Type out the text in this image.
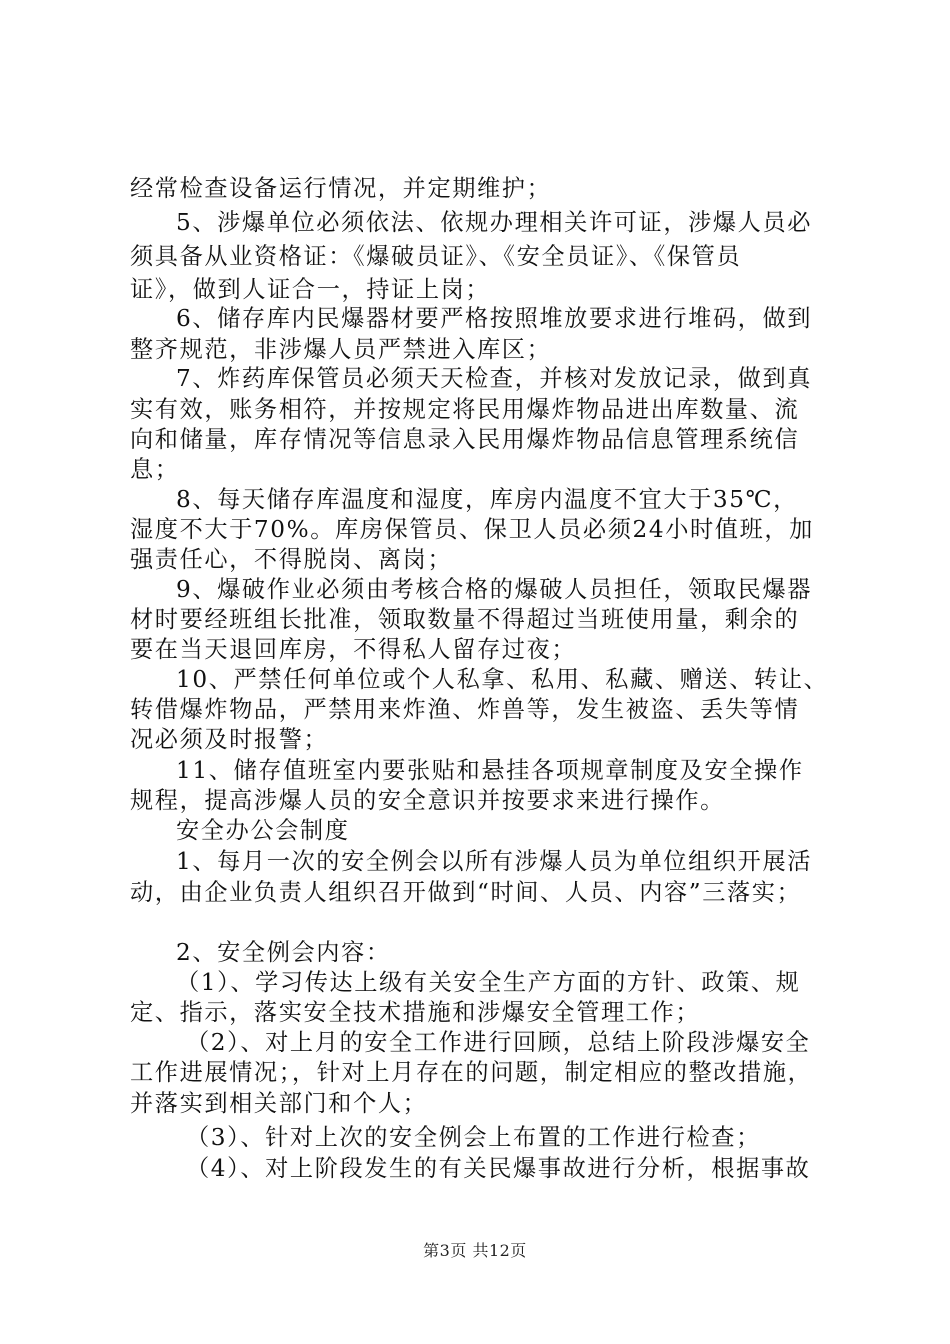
经常检查设备运行情况，并定期维护；
5、涉爆单位必须依法、依规办理相关许可证，涉爆人员必
须具备从业资格证：《爆破员证》、《安全员证》、《保管员
证》，做到人证合一，持证上岗；
6、储存库内民爆器材要严格按照堆放要求进行堆码，做到
整齐规范，非涉爆人员严禁进入库区；
7、炸药库保管员必须天天检查，并核对发放记录，做到真
实有效，账务相符，并按规定将民用爆炸物品进出库数量、流
向和储量，库存情况等信息录入民用爆炸物品信息管理系统信
息；
8、每天储存库温度和湿度，库房内温度不宜大于35℃，
湿度不大于70%。库房保管员、保卫人员必须24小时值班，加
强责任心，不得脱岗、离岗；
9、爆破作业必须由考核合格的爆破人员担任，领取民爆器
材时要经班组长批准，领取数量不得超过当班使用量，剩余的
要在当天退回库房，不得私人留存过夜；
10、严禁任何单位或个人私拿、私用、私藏、赠送、转让、
转借爆炸物品，严禁用来炸渔、炸兽等，发生被盗、丢失等情
况必须及时报警；
11、储存值班室内要张贴和悬挂各项规章制度及安全操作
规程，提高涉爆人员的安全意识并按要求来进行操作。
安全办公会制度
1、每月一次的安全例会以所有涉爆人员为单位组织开展活
动，由企业负责人组织召开做到“时间、人员、内容”三落实；
2、安全例会内容：
（1）、学习传达上级有关安全生产方面的方针、政策、规
定、指示，落实安全技术措施和涉爆安全管理工作；
（2）、对上月的安全工作进行回顾，总结上阶段涉爆安全
工作进展情况；，针对上月存在的问题，制定相应的整改措施，
并落实到相关部门和个人；
（3）、针对上次的安全例会上布置的工作进行检查；
（4）、对上阶段发生的有关民爆事故进行分析，根据事故
第3页 共12页
